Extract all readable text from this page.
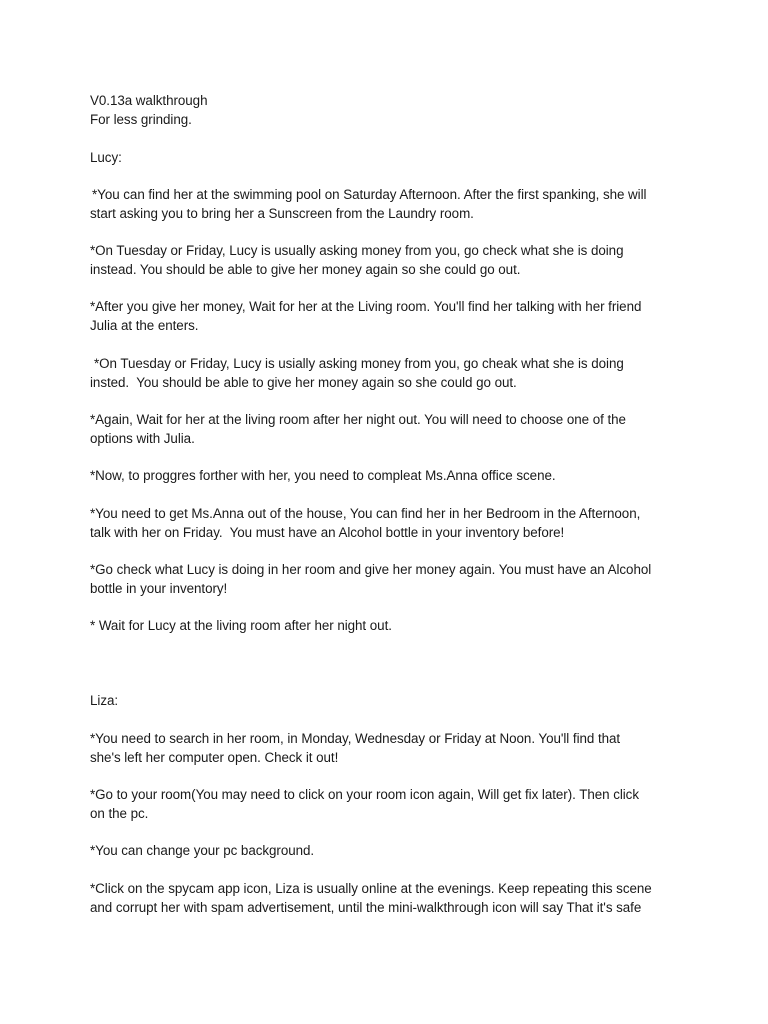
V0.13a walkthrough
For less grinding.
Lucy:
*You can find her at the swimming pool on Saturday Afternoon. After the first spanking, she will
start asking you to bring her a Sunscreen from the Laundry room.
*On Tuesday or Friday, Lucy is usually asking money from you, go check what she is doing
instead. You should be able to give her money again so she could go out.
*After you give her money, Wait for her at the Living room. You'll find her talking with her friend
Julia at the enters.
*On Tuesday or Friday, Lucy is usially asking money from you, go cheak what she is doing
insted.  You should be able to give her money again so she could go out.
*Again, Wait for her at the living room after her night out. You will need to choose one of the
options with Julia.
*Now, to proggres forther with her, you need to compleat Ms.Anna office scene.
*You need to get Ms.Anna out of the house, You can find her in her Bedroom in the Afternoon,
talk with her on Friday.  You must have an Alcohol bottle in your inventory before!
*Go check what Lucy is doing in her room and give her money again. You must have an Alcohol
bottle in your inventory!
* Wait for Lucy at the living room after her night out.
Liza:
*You need to search in her room, in Monday, Wednesday or Friday at Noon. You'll find that
she's left her computer open. Check it out!
*Go to your room(You may need to click on your room icon again, Will get fix later). Then click
on the pc.
*You can change your pc background.
*Click on the spycam app icon, Liza is usually online at the evenings. Keep repeating this scene
and corrupt her with spam advertisement, until the mini-walkthrough icon will say That it's safe
